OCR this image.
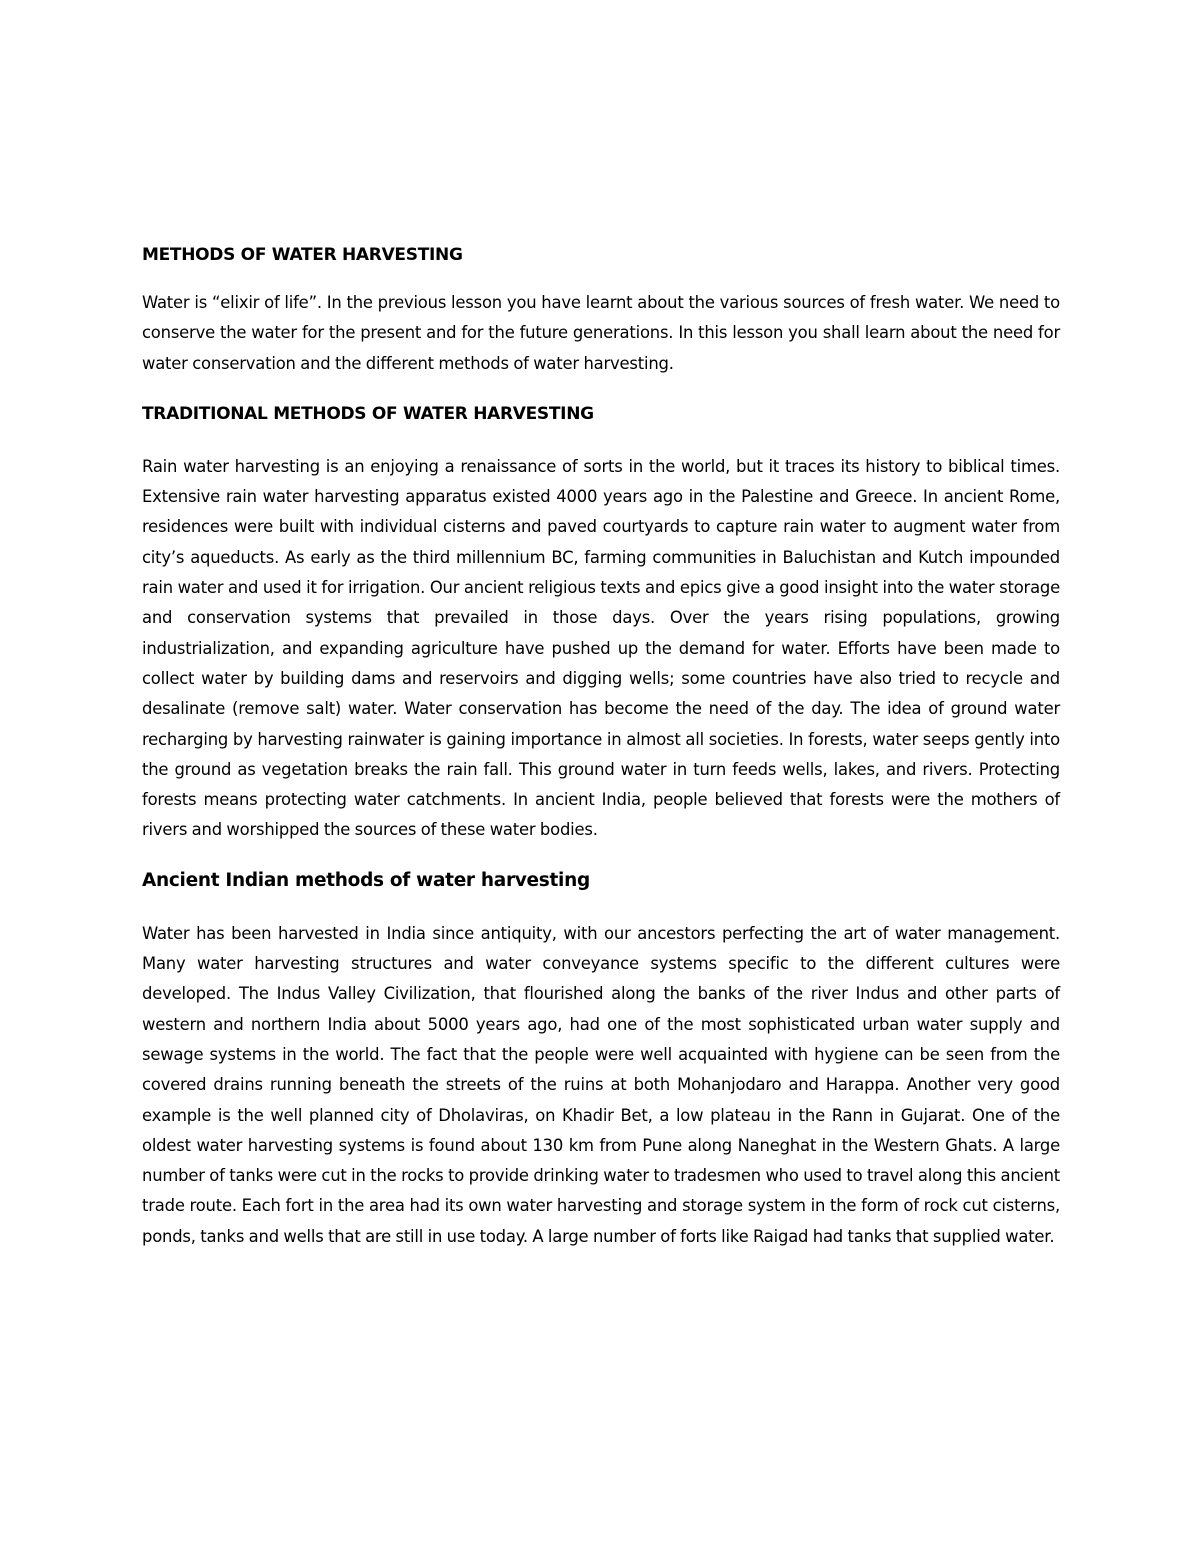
METHODS OF WATER HARVESTING

Water is “elixir of life”. In the previous lesson you have learnt about the various sources of fresh water. We need to conserve the water for the present and for the future generations. In this lesson you shall learn about the need for water conservation and the different methods of water harvesting.

TRADITIONAL METHODS OF WATER HARVESTING

Rain water harvesting is an enjoying a renaissance of sorts in the world, but it traces its history to biblical times. Extensive rain water harvesting apparatus existed 4000 years ago in the Palestine and Greece. In ancient Rome, residences were built with individual cisterns and paved courtyards to capture rain water to augment water from city’s aqueducts. As early as the third millennium BC, farming communities in Baluchistan and Kutch impounded rain water and used it for irrigation. Our ancient religious texts and epics give a good insight into the water storage and conservation systems that prevailed in those days. Over the years rising populations, growing industrialization, and expanding agriculture have pushed up the demand for water. Efforts have been made to collect water by building dams and reservoirs and digging wells; some countries have also tried to recycle and desalinate (remove salt) water. Water conservation has become the need of the day. The idea of ground water recharging by harvesting rainwater is gaining importance in almost all societies. In forests, water seeps gently into the ground as vegetation breaks the rain fall. This ground water in turn feeds wells, lakes, and rivers. Protecting forests means protecting water catchments. In ancient India, people believed that forests were the mothers of rivers and worshipped the sources of these water bodies.

Ancient Indian methods of water harvesting

Water has been harvested in India since antiquity, with our ancestors perfecting the art of water management. Many water harvesting structures and water conveyance systems specific to the different cultures were developed. The Indus Valley Civilization, that flourished along the banks of the river Indus and other parts of western and northern India about 5000 years ago, had one of the most sophisticated urban water supply and sewage systems in the world. The fact that the people were well acquainted with hygiene can be seen from the covered drains running beneath the streets of the ruins at both Mohanjodaro and Harappa. Another very good example is the well planned city of Dholaviras, on Khadir Bet, a low plateau in the Rann in Gujarat. One of the oldest water harvesting systems is found about 130 km from Pune along Naneghat in the Western Ghats. A large number of tanks were cut in the rocks to provide drinking water to tradesmen who used to travel along this ancient trade route. Each fort in the area had its own water harvesting and storage system in the form of rock cut cisterns, ponds, tanks and wells that are still in use today. A large number of forts like Raigad had tanks that supplied water.
